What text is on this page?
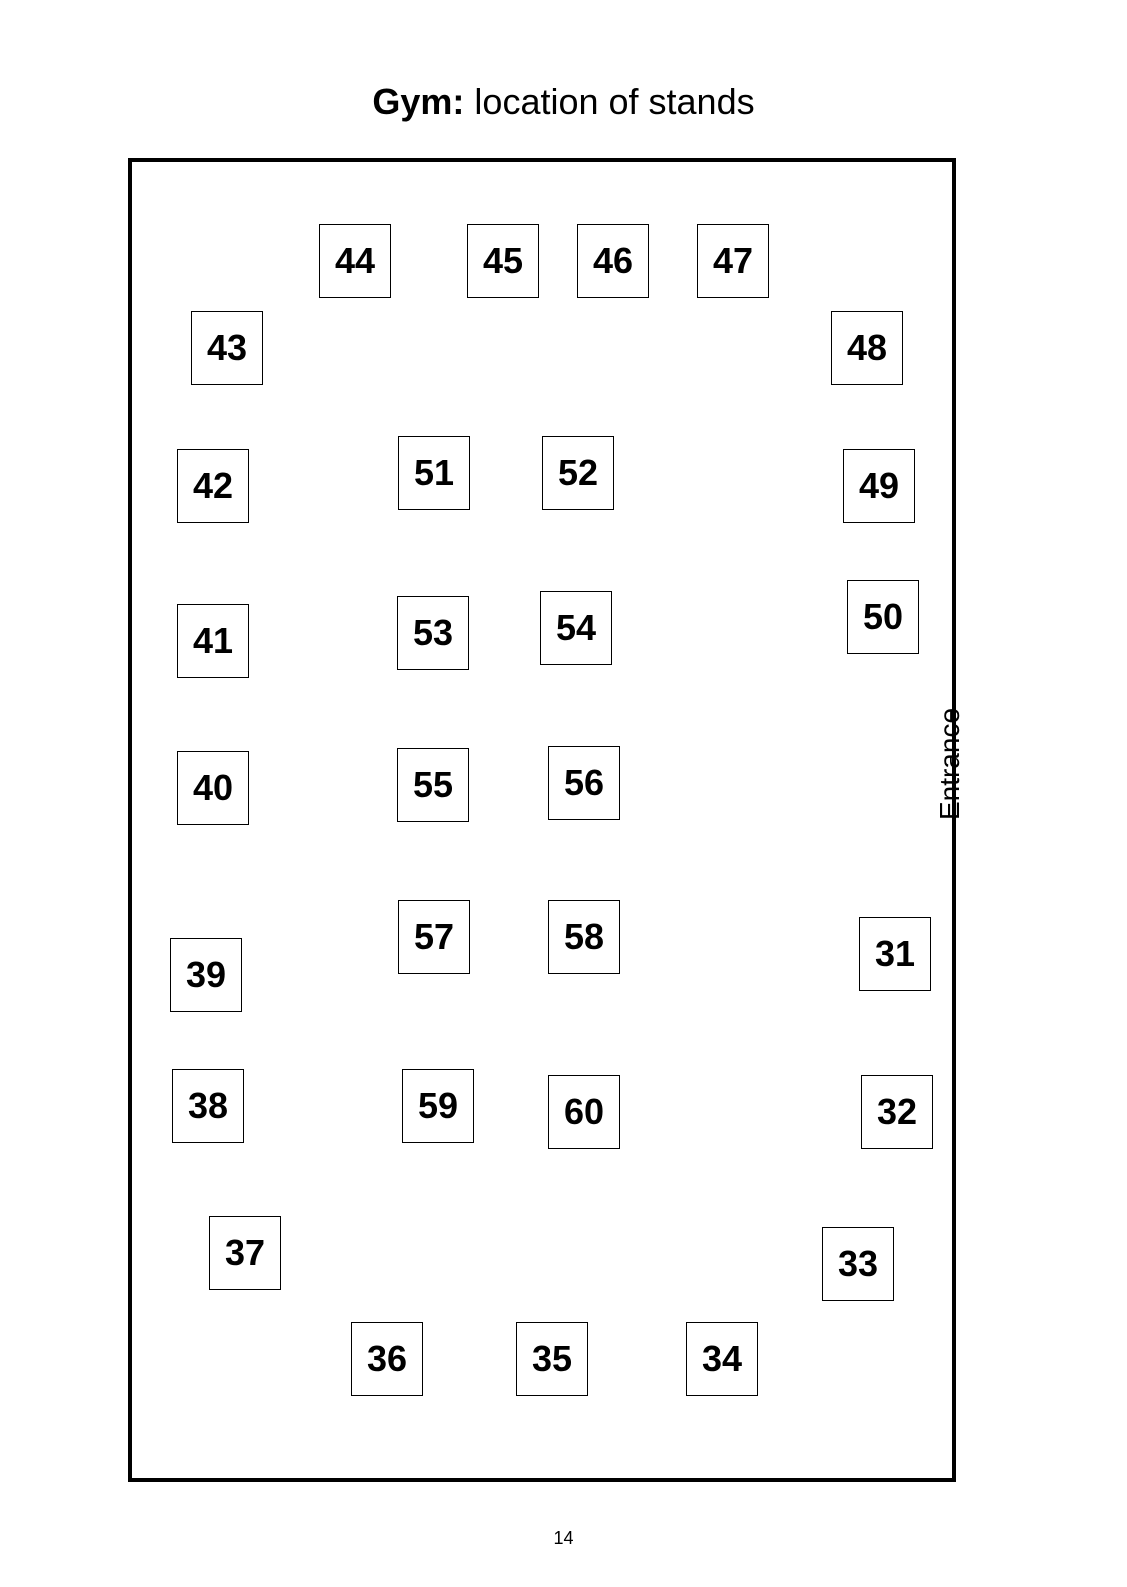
Gym: location of stands
31
32
33
34
35
36
37
38
39
40
41
42
43
44	45	46	47
48
49
50
51	52
53	54
55	56
57	58
59	60
Entrance
14
